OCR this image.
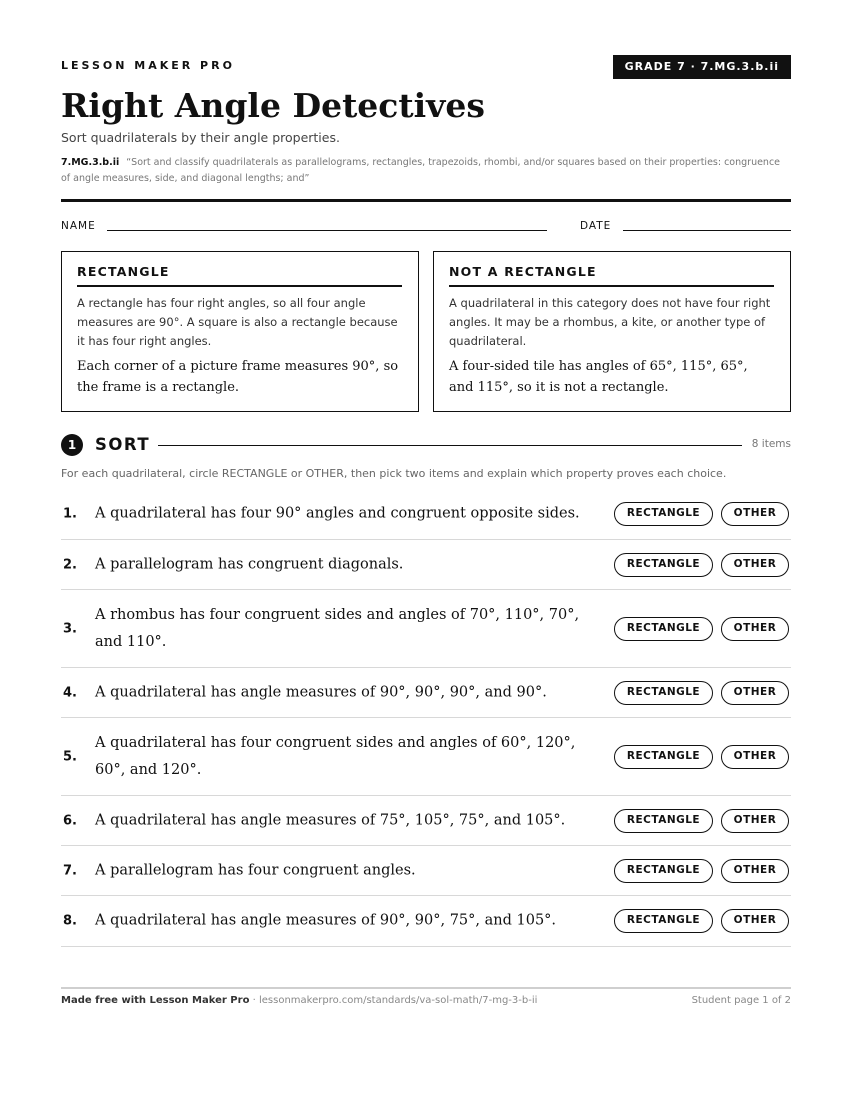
LESSON MAKER PRO	GRADE 7 · 7.MG.3.b.ii
Right Angle Detectives
Sort quadrilaterals by their angle properties.
7.MG.3.b.ii “Sort and classify quadrilaterals as parallelograms, rectangles, trapezoids, rhombi, and/or squares based on their properties: congruence of angle measures, side, and diagonal lengths; and”
NAME	DATE
RECTANGLE
A rectangle has four right angles, so all four angle measures are 90°. A square is also a rectangle because it has four right angles.
Each corner of a picture frame measures 90°, so the frame is a rectangle.
NOT A RECTANGLE
A quadrilateral in this category does not have four right angles. It may be a rhombus, a kite, or another type of quadrilateral.
A four-sided tile has angles of 65°, 115°, 65°, and 115°, so it is not a rectangle.
1	SORT	8 items
For each quadrilateral, circle RECTANGLE or OTHER, then pick two items and explain which property proves each choice.
1. A quadrilateral has four 90° angles and congruent opposite sides.	RECTANGLE	OTHER
2. A parallelogram has congruent diagonals.	RECTANGLE	OTHER
3.
A rhombus has four congruent sides and angles of 70°, 110°, 70°, and 110°.
RECTANGLE	OTHER
4. A quadrilateral has angle measures of 90°, 90°, 90°, and 90°.	RECTANGLE	OTHER
5.
A quadrilateral has four congruent sides and angles of 60°, 120°, 60°, and 120°.
RECTANGLE	OTHER
6. A quadrilateral has angle measures of 75°, 105°, 75°, and 105°.	RECTANGLE	OTHER
7. A parallelogram has four congruent angles.	RECTANGLE	OTHER
8. A quadrilateral has angle measures of 90°, 90°, 75°, and 105°.	RECTANGLE	OTHER
Made free with Lesson Maker Pro · lessonmakerpro.com/standards/va-sol-math/7-mg-3-b-ii	Student page 1 of 2
